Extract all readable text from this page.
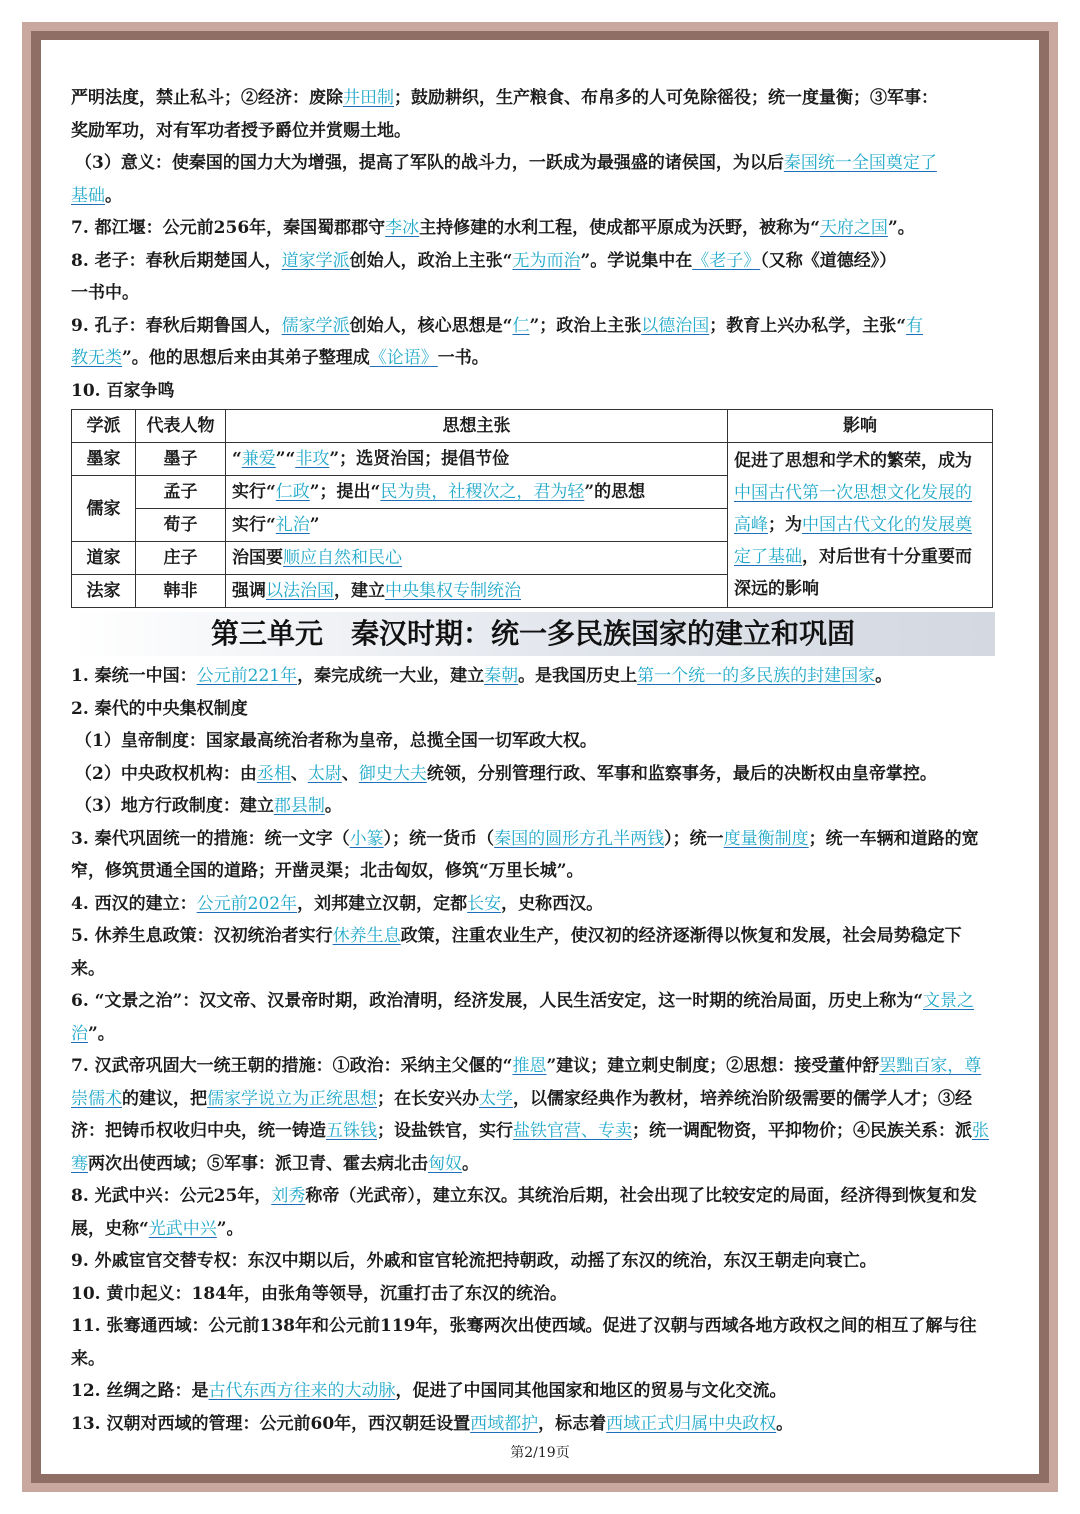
严明法度，禁止私斗；②经济：废除井田制；鼓励耕织，生产粮食、布帛多的人可免除徭役；统一度量衡；③军事：

奖励军功，对有军功者授予爵位并赏赐土地。

（3）意义：使秦国的国力大为增强，提高了军队的战斗力，一跃成为最强盛的诸侯国，为以后秦国统一全国奠定了

基础。

7. 都江堰：公元前256年，秦国蜀郡郡守李冰主持修建的水利工程，使成都平原成为沃野，被称为“天府之国”。

8. 老子：春秋后期楚国人，道家学派创始人，政治上主张“无为而治”。学说集中在《老子》（又称《道德经》）

一书中。

9. 孔子：春秋后期鲁国人，儒家学派创始人，核心思想是“仁”；政治上主张以德治国；教育上兴办私学，主张“有

教无类”。他的思想后来由其弟子整理成《论语》一书。

10. 百家争鸣

学派	代表人物	思想主张	影响
墨家	墨子	“兼爱”“非攻”；选贤治国；提倡节俭	促进了思想和学术的繁荣，成为中国古代第一次思想文化发展的高峰；为中国古代文化的发展奠定了基础，对后世有十分重要而深远的影响
儒家	孟子	实行“仁政”；提出“民为贵，社稷次之，君为轻”的思想	
	荀子	实行“礼治”	
道家	庄子	治国要顺应自然和民心	
法家	韩非	强调以法治国，建立中央集权专制统治	
第三单元　秦汉时期：统一多民族国家的建立和巩固

1. 秦统一中国：公元前221年，秦完成统一大业，建立秦朝。是我国历史上第一个统一的多民族的封建国家。

2. 秦代的中央集权制度

（1）皇帝制度：国家最高统治者称为皇帝，总揽全国一切军政大权。

（2）中央政权机构：由丞相、太尉、御史大夫统领，分别管理行政、军事和监察事务，最后的决断权由皇帝掌控。

（3）地方行政制度：建立郡县制。

3. 秦代巩固统一的措施：统一文字（小篆）；统一货币（秦国的圆形方孔半两钱）；统一度量衡制度；统一车辆和道路的宽窄，修筑贯通全国的道路；开凿灵渠；北击匈奴，修筑“万里长城”。

4. 西汉的建立：公元前202年，刘邦建立汉朝，定都长安，史称西汉。

5. 休养生息政策：汉初统治者实行休养生息政策，注重农业生产，使汉初的经济逐渐得以恢复和发展，社会局势稳定下来。

6. “文景之治”：汉文帝、汉景帝时期，政治清明，经济发展，人民生活安定，这一时期的统治局面，历史上称为“文景之治”。

7. 汉武帝巩固大一统王朝的措施：①政治：采纳主父偃的“推恩”建议；建立刺史制度；②思想：接受董仲舒罢黜百家，尊崇儒术的建议，把儒家学说立为正统思想；在长安兴办太学，以儒家经典作为教材，培养统治阶级需要的儒学人才；③经济：把铸币权收归中央，统一铸造五铢钱；设盐铁官，实行盐铁官营、专卖；统一调配物资，平抑物价；④民族关系：派张骞两次出使西域；⑤军事：派卫青、霍去病北击匈奴。

8. 光武中兴：公元25年，刘秀称帝（光武帝），建立东汉。其统治后期，社会出现了比较安定的局面，经济得到恢复和发展，史称“光武中兴”。

9. 外戚宦官交替专权：东汉中期以后，外戚和宦官轮流把持朝政，动摇了东汉的统治，东汉王朝走向衰亡。

10. 黄巾起义：184年，由张角等领导，沉重打击了东汉的统治。

11. 张骞通西域：公元前138年和公元前119年，张骞两次出使西域。促进了汉朝与西域各地方政权之间的相互了解与往来。

12. 丝绸之路：是古代东西方往来的大动脉，促进了中国同其他国家和地区的贸易与文化交流。

13. 汉朝对西域的管理：公元前60年，西汉朝廷设置西域都护，标志着西域正式归属中央政权。

第2/19页
